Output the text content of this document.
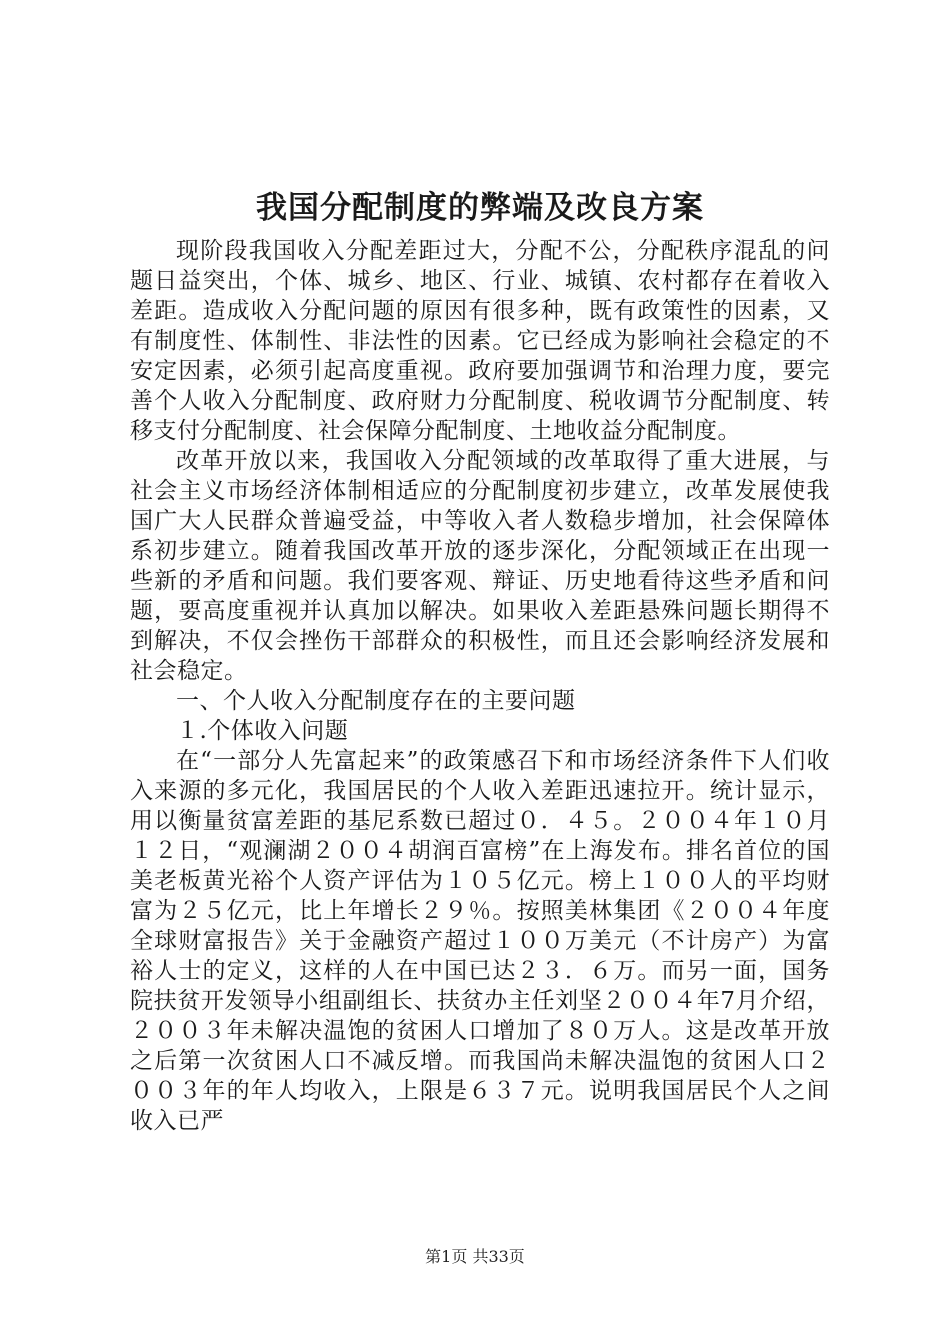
我国分配制度的弊端及改良方案

现阶段我国收入分配差距过大，分配不公，分配秩序混乱的问题日益突出，个体、城乡、地区、行业、城镇、农村都存在着收入差距。造成收入分配问题的原因有很多种，既有政策性的因素，又有制度性、体制性、非法性的因素。它已经成为影响社会稳定的不安定因素，必须引起高度重视。政府要加强调节和治理力度，要完善个人收入分配制度、政府财力分配制度、税收调节分配制度、转移支付分配制度、社会保障分配制度、土地收益分配制度。

改革开放以来，我国收入分配领域的改革取得了重大进展，与社会主义市场经济体制相适应的分配制度初步建立，改革发展使我国广大人民群众普遍受益，中等收入者人数稳步增加，社会保障体系初步建立。随着我国改革开放的逐步深化，分配领域正在出现一些新的矛盾和问题。我们要客观、辩证、历史地看待这些矛盾和问题，要高度重视并认真加以解决。如果收入差距悬殊问题长期得不到解决，不仅会挫伤干部群众的积极性，而且还会影响经济发展和社会稳定。

一、个人收入分配制度存在的主要问题

１.个体收入问题

在“一部分人先富起来”的政策感召下和市场经济条件下人们收入来源的多元化，我国居民的个人收入差距迅速拉开。统计显示，用以衡量贫富差距的基尼系数已超过０．４５。２００４年１０月１２日，“观澜湖２００４胡润百富榜”在上海发布。排名首位的国美老板黄光裕个人资产评估为１０５亿元。榜上１００人的平均财富为２５亿元，比上年增长２９％。按照美林集团《２００４年度全球财富报告》关于金融资产超过１００万美元（不计房产）为富裕人士的定义，这样的人在中国已达２３．６万。而另一面，国务院扶贫开发领导小组副组长、扶贫办主任刘坚２００４年7月介绍，２００３年未解决温饱的贫困人口增加了８０万人。这是改革开放之后第一次贫困人口不减反增。而我国尚未解决温饱的贫困人口２００３年的年人均收入，上限是６３７元。说明我国居民个人之间收入已严

第1页 共33页
